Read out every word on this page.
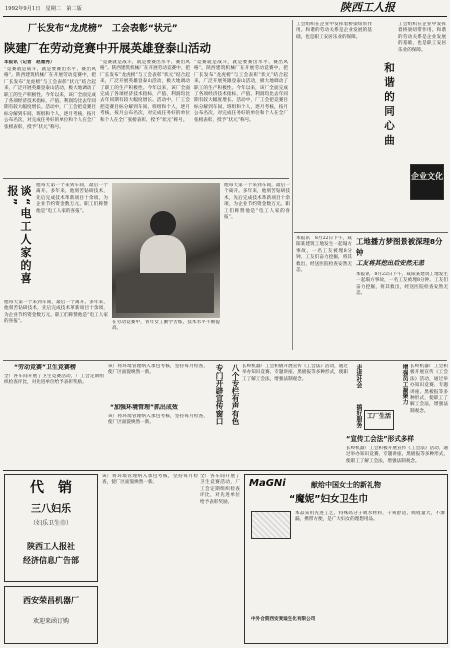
1992年9月1日　星期二　第二版	陕西工人报
厂长发布“龙虎榜”　工会表彰“状元”
陕建厂在劳动竞赛中开展英雄登泰山活动
本报讯（记者　赵雅秀）
“竞赛就是战斗，就是要赛出水平、赛出风格”。陕西建筑机械厂在开展劳动竞赛中，把厂长发布“龙虎榜”与工会表彰“状元”结合起来，广泛开展英雄登泰山活动，极大地调动了职工的生产积极性。今年以来，该厂全面完成了各项经济技术指标，产值、利润均比去年同期有较大幅度增长。活动中，厂工会把竞赛目标分解到车间、班组和个人，逐月考核，按月公布名次，对完成任务好的单位和个人在全厂张榜表彰，授予“状元”称号。
“竞赛就是战斗，就是要赛出水平、赛出风格”。陕西建筑机械厂在开展劳动竞赛中，把厂长发布“龙虎榜”与工会表彰“状元”结合起来，广泛开展英雄登泰山活动，极大地调动了职工的生产积极性。今年以来，该厂全面完成了各项经济技术指标，产值、利润均比去年同期有较大幅度增长。活动中，厂工会把竞赛目标分解到车间、班组和个人，逐月考核，按月公布名次，对完成任务好的单位和个人在全厂张榜表彰，授予“状元”称号。
“竞赛就是战斗，就是要赛出水平、赛出风格”。陕西建筑机械厂在开展劳动竞赛中，把厂长发布“龙虎榜”与工会表彰“状元”结合起来，广泛开展英雄登泰山活动，极大地调动了职工的生产积极性。今年以来，该厂全面完成了各项经济技术指标，产值、利润均比去年同期有较大幅度增长。活动中，厂工会把竞赛目标分解到车间、班组和个人，逐月考核，按月公布名次，对完成任务好的单位和个人在全厂张榜表彰，授予“状元”称号。
谈“电工人家的喜报”	他每天第一个来到车间，最后一个离开。多年来，他刻苦钻研技术，先后完成技术革新项目十余项，为企业节约资金数万元。职工们称赞他是“电工人家的喜报”。
他每天第一个来到车间，最后一个离开。多年来，他刻苦钻研技术，先后完成技术革新项目十余项，为企业节约资金数万元。职工们称赞他是“电工人家的喜报”。	在劳动竞赛中，青年女工勤学苦练，技术水平不断提高。
他每天第一个来到车间，最后一个离开。多年来，他刻苦钻研技术，先后完成技术革新项目十余项，为企业节约资金数万元。职工们称赞他是“电工人家的喜报”。
工会组织在企业中发挥着桥梁纽带作用。和谐的劳动关系是企业发展的基础，也是职工安居乐业的保障。
和谐的同心曲
工会组织在企业中发挥着桥梁纽带作用。和谐的劳动关系是企业发展的基础，也是职工安居乐业的保障。
企业文化
本报讯　8月22日下午，咸阳某建筑工地发生一起塌方事故，一名工友被埋8分钟。工友们奋力挖掘，将其救出，经送医院检查安然无恙。
工地播方梦图景被深理8分钟
工友将其挖出后安然无恙
本报讯　8月22日下午，咸阳某建筑工地发生一起塌方事故，一名工友被埋8分钟。工友们奋力挖掘，将其救出，经送医院检查安然无恙。
“劳动竞赛”卫生竞赛榜
全厂各车间开展了卫生竞赛活动，厂工会定期组织检查评比，对先进单位给予表彰奖励。
该厂将环境管理纳入承包考核，坚持每月检查，使厂区面貌焕然一新。
“加强环境管理”抓出成效
该厂将环境管理纳入承包考核，坚持每月检查，使厂区面貌焕然一新。	专门开辟宣传窗口 八个专栏有声有色 长岭机器厂工会积极开展宣传《工会法》活动，通过举办知识竞赛、专题讲座、黑板报等多种形式，使职工了解工会法，增强法制观念。	走进社会
搞好服务 工厂生活
增强员工凝聚力
“宣传工会法”形式多样
长岭机器厂工会积极开展宣传《工会法》活动，通过举办知识竞赛、专题讲座、黑板报等多种形式，使职工了解工会法，增强法制观念。
长岭机器厂工会积极开展宣传《工会法》活动，通过举办知识竞赛、专题讲座、黑板报等多种形式，使职工了解工会法，增强法制观念。
代　销
三八妇乐
（妇乐卫生巾）
陕西工人报社
经济信息广告部
西安荣昌机器厂
欢迎来函订购
该厂将环境管理纳入承包考核，坚持每月检查，使厂区面貌焕然一新。
全厂各车间开展了卫生竞赛活动，厂工会定期组织检查评比，对先进单位给予表彰奖励。
MaGNi	献给中国女士的新礼物
“魔妮”妇女卫生巾
本品采用先进工艺，特殊高分子吸水材料，干爽舒适，吸收量大，不渗漏，携带方便，是广大妇女的理想用品。
中外合资西安麦迪生化有限公司
